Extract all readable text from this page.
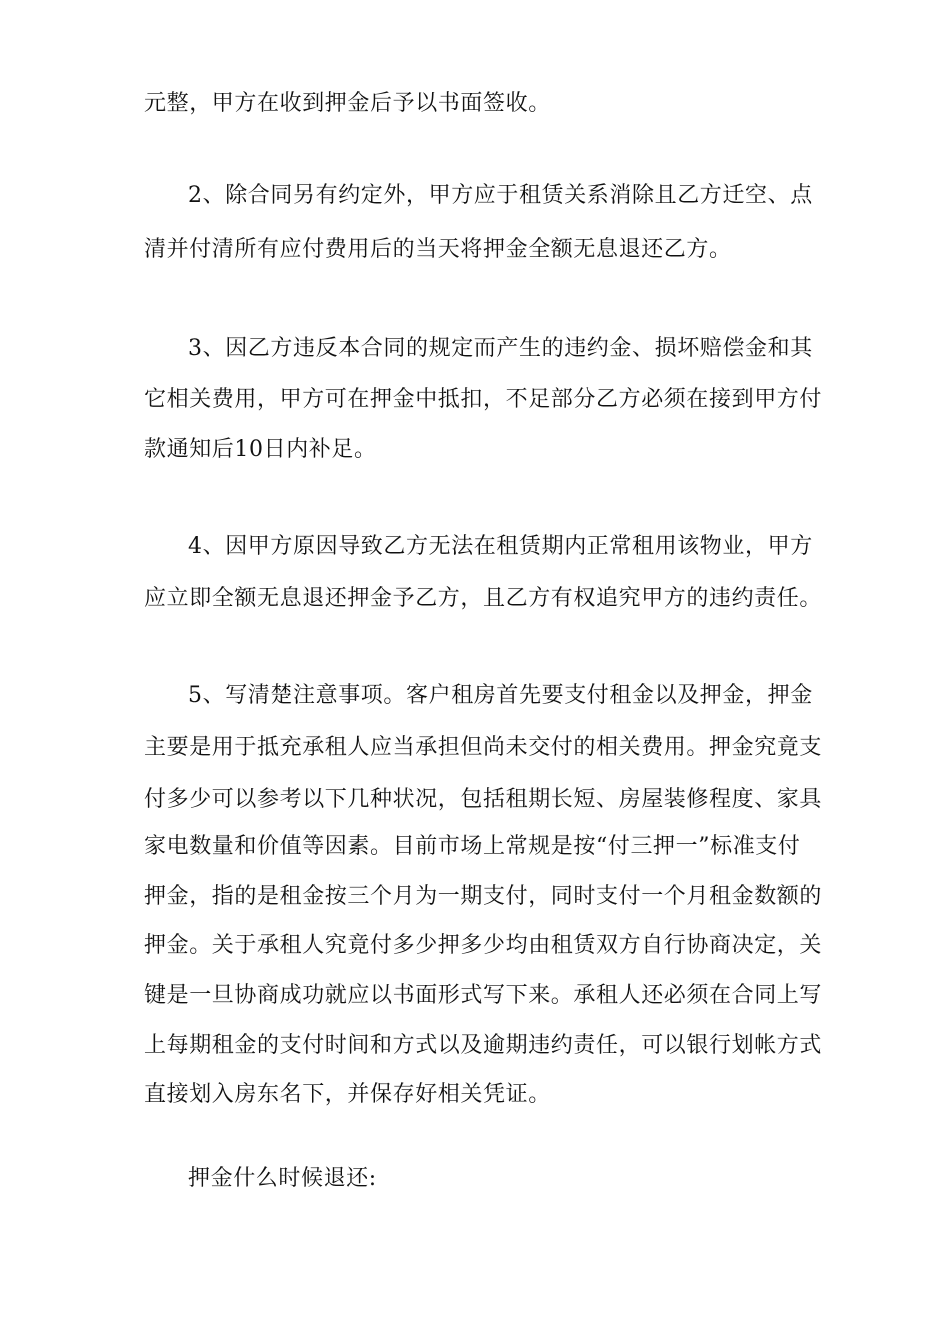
元整，甲方在收到押金后予以书面签收。
2、除合同另有约定外，甲方应于租赁关系消除且乙方迁空、点
清并付清所有应付费用后的当天将押金全额无息退还乙方。
3、因乙方违反本合同的规定而产生的违约金、损坏赔偿金和其
它相关费用，甲方可在押金中抵扣，不足部分乙方必须在接到甲方付
款通知后10日内补足。
4、因甲方原因导致乙方无法在租赁期内正常租用该物业，甲方
应立即全额无息退还押金予乙方，且乙方有权追究甲方的违约责任。
5、写清楚注意事项。客户租房首先要支付租金以及押金，押金
主要是用于抵充承租人应当承担但尚未交付的相关费用。押金究竟支
付多少可以参考以下几种状况，包括租期长短、房屋装修程度、家具
家电数量和价值等因素。目前市场上常规是按“付三押一”标准支付
押金，指的是租金按三个月为一期支付，同时支付一个月租金数额的
押金。关于承租人究竟付多少押多少均由租赁双方自行协商决定，关
键是一旦协商成功就应以书面形式写下来。承租人还必须在合同上写
上每期租金的支付时间和方式以及逾期违约责任，可以银行划帐方式
直接划入房东名下，并保存好相关凭证。
押金什么时候退还:
